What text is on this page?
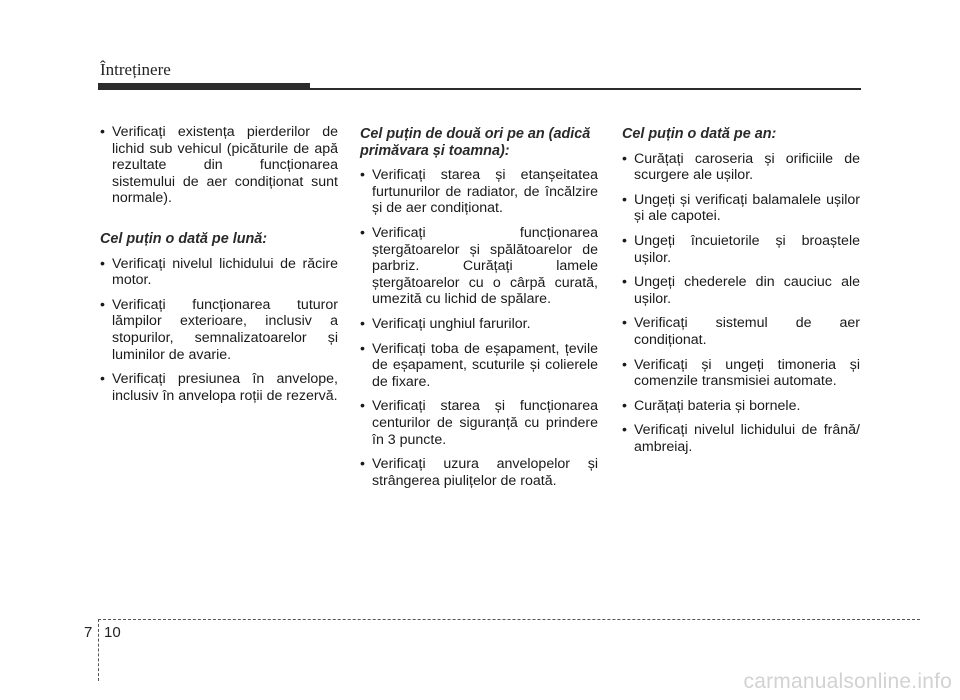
Întreținere
• Verificați existența pierderilor de lichid sub vehicul (picăturile de apă rezultate din funcționarea sistemului de aer condiționat sunt normale).
Cel puțin o dată pe lună:
• Verificați nivelul lichidului de răcire motor.
• Verificați funcționarea tuturor lămpilor exterioare, inclusiv a stopurilor, semnalizatoarelor și luminilor de avarie.
• Verificați presiunea în anvelope, inclusiv în anvelopa roții de rezervă.
Cel puțin de două ori pe an (adică primăvara și toamna):
• Verificați starea și etanșeitatea furtunurilor de radiator, de încălzire și de aer condiționat.
• Verificați funcționarea ștergătoarelor și spălătoarelor de parbriz. Curățați lamele ștergătoarelor cu o cârpă curată, umezită cu lichid de spălare.
• Verificați unghiul farurilor.
• Verificați toba de eșapament, țevile de eșapament, scuturile și colierele de fixare.
• Verificați starea și funcționarea centurilor de siguranță cu prindere în 3 puncte.
• Verificați uzura anvelopelor și strângerea piulițelor de roată.
Cel puțin o dată pe an:
• Curățați caroseria și orificiile de scurgere ale ușilor.
• Ungeți și verificați balamalele ușilor și ale capotei.
• Ungeți încuietorile și broaștele ușilor.
• Ungeți chederele din cauciuc ale ușilor.
• Verificați sistemul de aer condiționat.
• Verificați și ungeți timoneria și comenzile transmisiei automate.
• Curățați bateria și bornele.
• Verificați nivelul lichidului de frână/ ambreiaj.
7 10
carmanualsonline.info
